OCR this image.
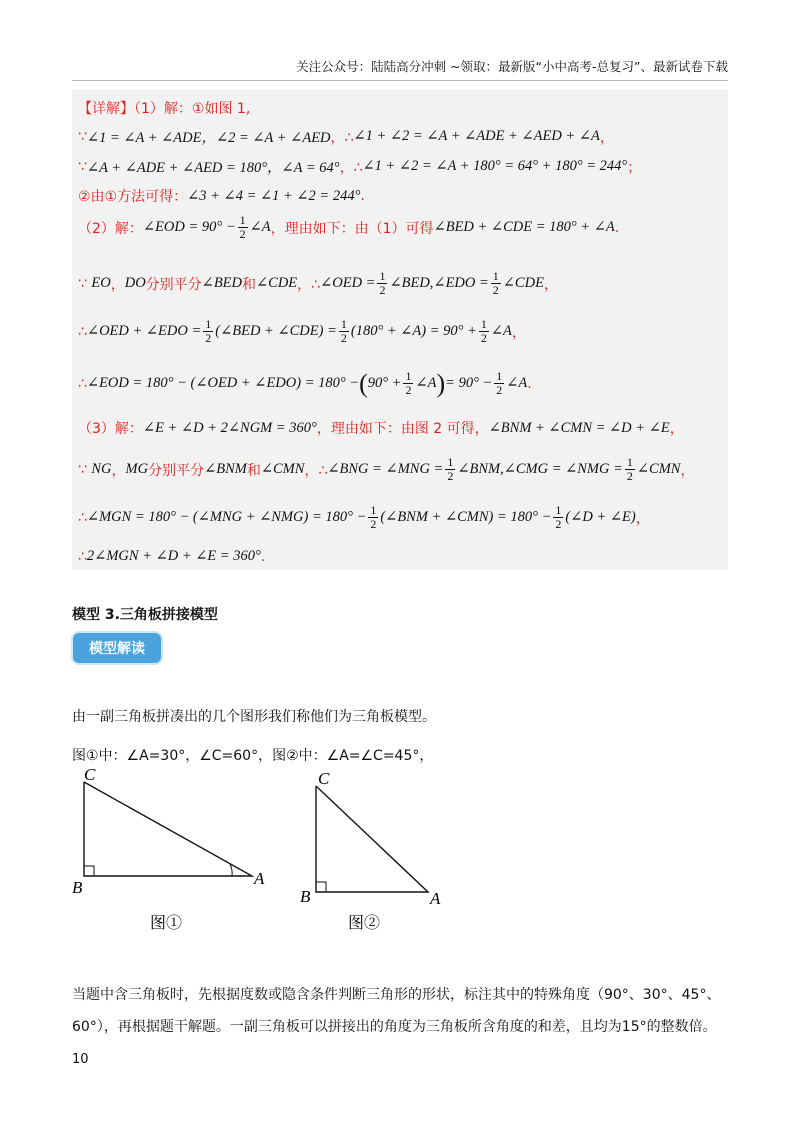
关注公众号：陆陆高分冲刺 ~领取：最新版“小中高考-总复习”、最新试卷下载
【详解】（1）解：①如图 1,
∵ ∠1 = ∠A + ∠ADE，∠2 = ∠A + ∠AED ，∴ ∠1 + ∠2 = ∠A + ∠ADE + ∠AED + ∠A ，
∵ ∠A + ∠ADE + ∠AED = 180°，∠A = 64° ，∴ ∠1 + ∠2 = ∠A + 180° = 64° + 180° = 244° ；
②由①方法可得： ∠3 + ∠4 = ∠1 + ∠2 = 244° .
（2）解： ∠EOD = $90^\circ - \frac{1}{2}$ ∠A ，理由如下：由（1）可得 ∠BED + ∠CDE = 180° + ∠A .
∵
EO ， DO 分别平分 ∠BED 和 ∠CDE ，∴ ∠OED = $\frac{1}{2}$ ∠BED,∠EDO = $\frac{1}{2}$ ∠CDE ，
∴ ∠OED + ∠EDO = $\frac{1}{2}$ (∠BED + ∠CDE) = $\frac{1}{2} (180^\circ$ + ∠A) = $90^\circ + \frac{1}{2}$ ∠A ，
∴ ∠EOD = 180° − (∠OED + ∠EDO) = 180° − ( $90^\circ + \frac{1}{2}$ ∠A ) = $90^\circ - \frac{1}{2}$ ∠A .
（3）解： ∠E + ∠D + 2∠NGM = 360° ，理由如下：由图 2 可得， ∠BNM + ∠CMN = ∠D + ∠E ，
∵
NG ， MG 分别平分 ∠BNM 和 ∠CMN ，∴ ∠BNG = ∠MNG = $\frac{1}{2}$ ∠BNM,∠CMG = ∠NMG = $\frac{1}{2}$ ∠CMN ，
∴ ∠MGN = 180° − (∠MNG + ∠NMG) = $180^\circ - \frac{1}{2}$ (∠BNM + ∠CMN) = $180^\circ - \frac{1}{2}$ (∠D + ∠E) ，
∴ 2∠MGN + ∠D + ∠E = 360° .
模型 3.三角板拼接模型
模型解读
由一副三角板拼凑出的几个图形我们称他们为三角板模型。
图①中：∠A=30°，∠C=60°，图②中：∠A=∠C=45°，
C
B	A
图①
C
B	A
图②
当题中含三角板时，先根据度数或隐含条件判断三角形的形状，标注其中的特殊角度（90°、30°、45°、
60°），再根据题干解题。一副三角板可以拼接出的角度为三角板所含角度的和差，且均为15°的整数倍。
10
